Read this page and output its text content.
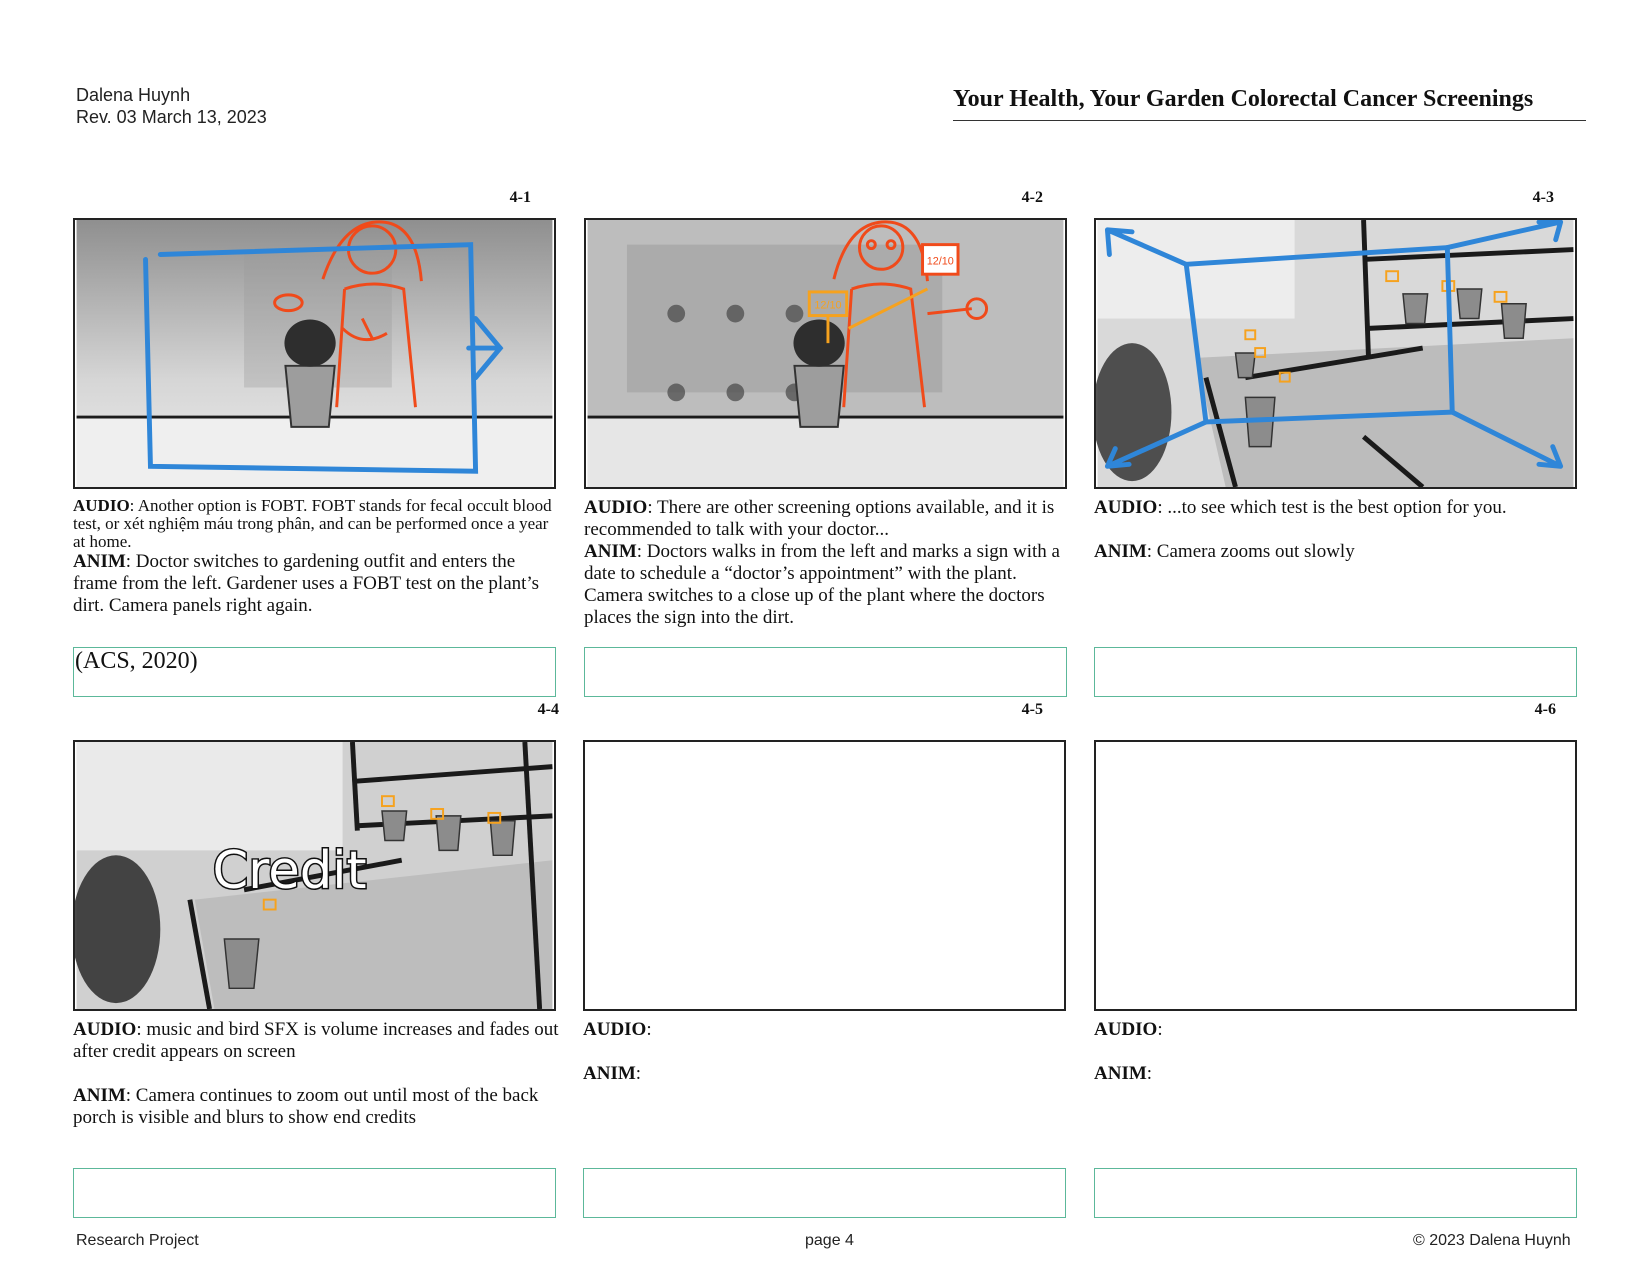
Dalena Huynh
Rev. 03 March 13, 2023
Your Health, Your Garden Colorectal Cancer Screenings
4-1
AUDIO: Another option is FOBT. FOBT stands for fecal occult blood test, or xét nghiệm máu trong phân, and can be performed once a year at home.
ANIM: Doctor switches to gardening outfit and enters the frame from the left. Gardener uses a FOBT test on the plant’s dirt. Camera panels right again.
(ACS, 2020)
4-2
12/10
12/10
AUDIO: There are other screening options available, and it is recommended to talk with your doctor...
ANIM: Doctors walks in from the left and marks a sign with a date to schedule a “doctor’s appointment” with the plant. Camera switches to a close up of the plant where the doctors places the sign into the dirt.
4-3
AUDIO: ...to see which test is the best option for you.
ANIM: Camera zooms out slowly
4-4
Credit
AUDIO: music and bird SFX is volume increases and fades out after credit appears on screen
ANIM: Camera continues to zoom out until most of the back porch is visible and blurs to show end credits
4-5
AUDIO:
ANIM:
4-6
AUDIO:
ANIM:
Research Project	page 4	© 2023 Dalena Huynh
